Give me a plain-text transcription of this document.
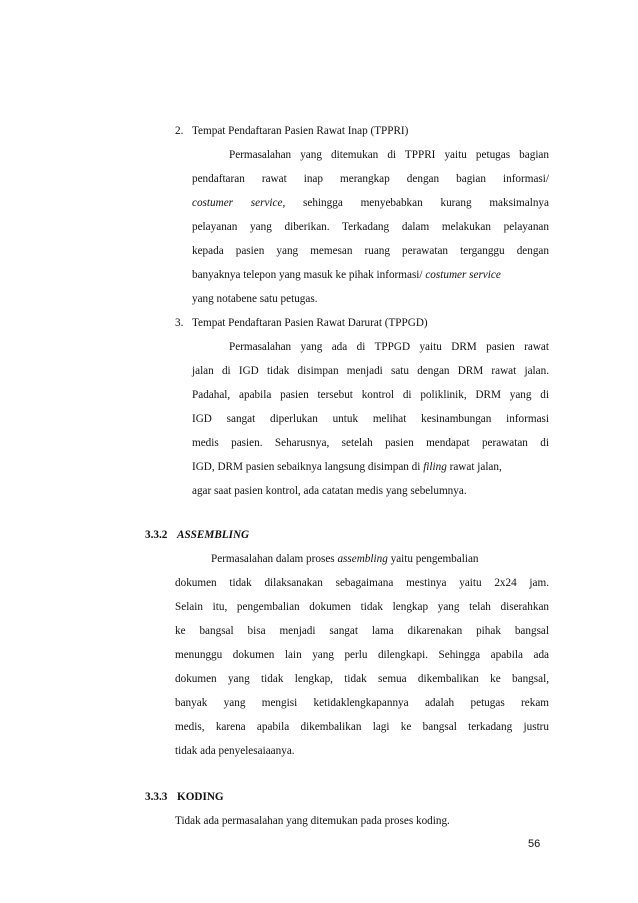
2. Tempat Pendaftaran Pasien Rawat Inap (TPPRI)
Permasalahan yang ditemukan di TPPRI yaitu petugas bagian
pendaftaran rawat inap merangkap dengan bagian informasi/
costumer service, sehingga menyebabkan kurang maksimalnya
pelayanan yang diberikan. Terkadang dalam melakukan pelayanan
kepada pasien yang memesan ruang perawatan terganggu dengan
banyaknya telepon yang masuk ke pihak informasi/ costumer service
yang notabene satu petugas.
3. Tempat Pendaftaran Pasien Rawat Darurat (TPPGD)
Permasalahan yang ada di TPPGD yaitu DRM pasien rawat
jalan di IGD tidak disimpan menjadi satu dengan DRM rawat jalan.
Padahal, apabila pasien tersebut kontrol di poliklinik, DRM yang di
IGD sangat diperlukan untuk melihat kesinambungan informasi
medis pasien. Seharusnya, setelah pasien mendapat perawatan di
IGD, DRM pasien sebaiknya langsung disimpan di filing rawat jalan,
agar saat pasien kontrol, ada catatan medis yang sebelumnya.
3.3.2 ASSEMBLING
Permasalahan dalam proses assembling yaitu pengembalian
dokumen tidak dilaksanakan sebagaimana mestinya yaitu 2x24 jam.
Selain itu, pengembalian dokumen tidak lengkap yang telah diserahkan
ke bangsal bisa menjadi sangat lama dikarenakan pihak bangsal
menunggu dokumen lain yang perlu dilengkapi. Sehingga apabila ada
dokumen yang tidak lengkap, tidak semua dikembalikan ke bangsal,
banyak yang mengisi ketidaklengkapannya adalah petugas rekam
medis, karena apabila dikembalikan lagi ke bangsal terkadang justru
tidak ada penyelesaiaanya.
3.3.3 KODING
Tidak ada permasalahan yang ditemukan pada proses koding.
56
